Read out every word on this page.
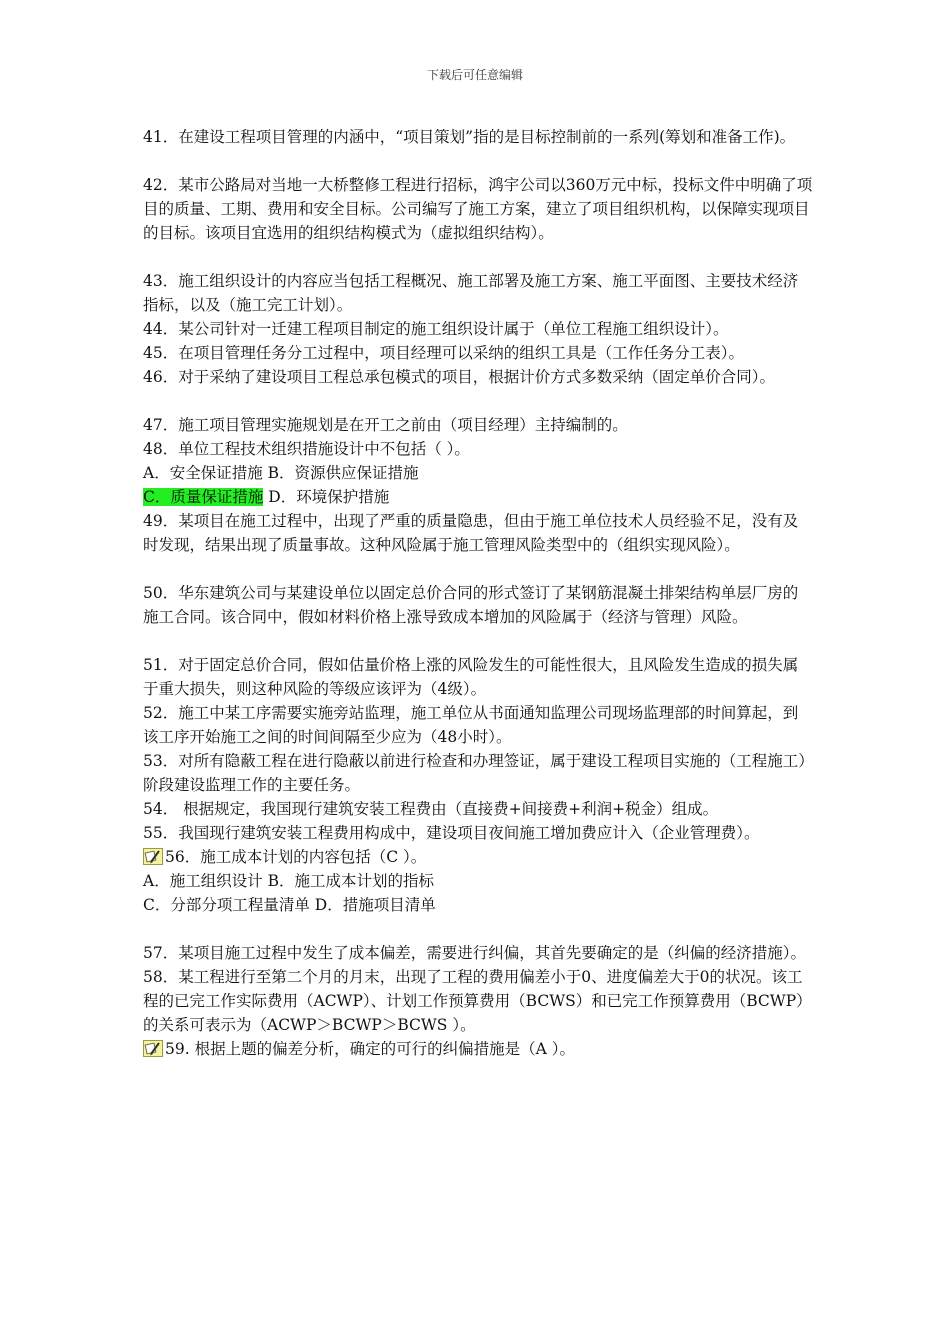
下载后可任意编辑

41．在建设工程项目管理的内涵中，“项目策划”指的是目标控制前的一系列(筹划和准备工作)。

42．某市公路局对当地一大桥整修工程进行招标，鸿宇公司以360万元中标，投标文件中明确了项目的质量、工期、费用和安全目标。公司编写了施工方案，建立了项目组织机构，以保障实现项目的目标。该项目宜选用的组织结构模式为（虚拟组织结构）。

43．施工组织设计的内容应当包括工程概况、施工部署及施工方案、施工平面图、主要技术经济指标，以及（施工完工计划）。

44．某公司针对一迁建工程项目制定的施工组织设计属于（单位工程施工组织设计）。

45．在项目管理任务分工过程中，项目经理可以采纳的组织工具是（工作任务分工表）。

46．对于采纳了建设项目工程总承包模式的项目，根据计价方式多数采纳（固定单价合同）。

47．施工项目管理实施规划是在开工之前由（项目经理）主持编制的。

48．单位工程技术组织措施设计中不包括（ ）。

A．安全保证措施 B．资源供应保证措施

C．质量保证措施 D．环境保护措施

49．某项目在施工过程中，出现了严重的质量隐患，但由于施工单位技术人员经验不足，没有及时发现，结果出现了质量事故。这种风险属于施工管理风险类型中的（组织实现风险）。

50．华东建筑公司与某建设单位以固定总价合同的形式签订了某钢筋混凝土排架结构单层厂房的施工合同。该合同中，假如材料价格上涨导致成本增加的风险属于（经济与管理）风险。

51．对于固定总价合同，假如估量价格上涨的风险发生的可能性很大，且风险发生造成的损失属于重大损失，则这种风险的等级应该评为（4级）。

52．施工中某工序需要实施旁站监理，施工单位从书面通知监理公司现场监理部的时间算起，到该工序开始施工之间的时间间隔至少应为（48小时）。

53．对所有隐蔽工程在进行隐蔽以前进行检查和办理签证，属于建设工程项目实施的（工程施工）阶段建设监理工作的主要任务。

54． 根据规定，我国现行建筑安装工程费由（直接费+间接费+利润+税金）组成。

55．我国现行建筑安装工程费用构成中，建设项目夜间施工增加费应计入（企业管理费）。

56．施工成本计划的内容包括（C ）。

A．施工组织设计 B．施工成本计划的指标

C．分部分项工程量清单 D．措施项目清单

57．某项目施工过程中发生了成本偏差，需要进行纠偏，其首先要确定的是（纠偏的经济措施）。

58．某工程进行至第二个月的月末，出现了工程的费用偏差小于0、进度偏差大于0的状况。该工程的已完工作实际费用（ACWP）、计划工作预算费用（BCWS）和已完工作预算费用（BCWP）的关系可表示为（ACWP＞BCWP＞BCWS ）。

59. 根据上题的偏差分析，确定的可行的纠偏措施是（A ）。
